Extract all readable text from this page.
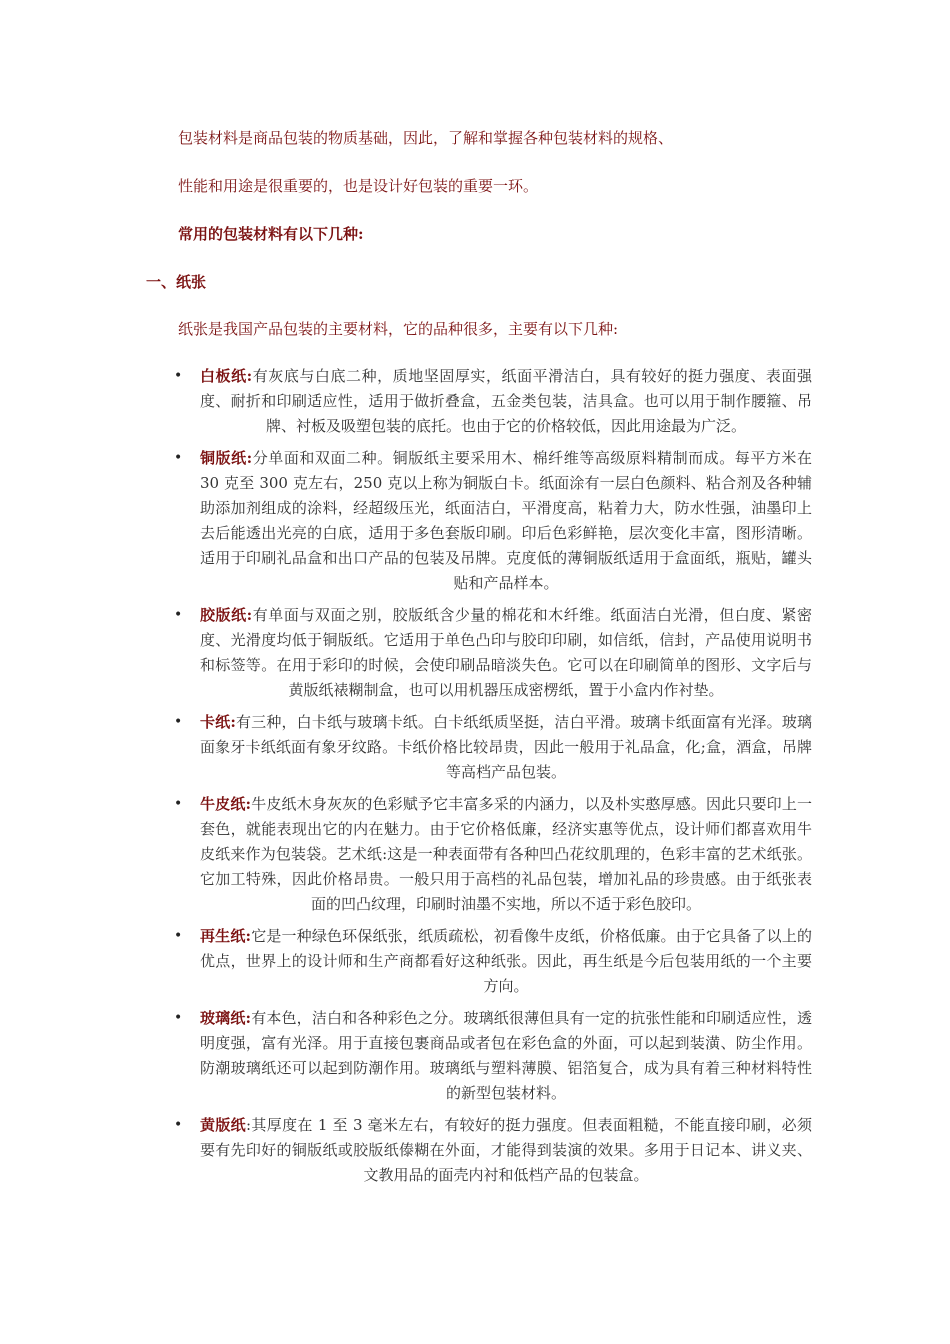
包装材料是商品包装的物质基础，因此，了解和掌握各种包装材料的规格、
性能和用途是很重要的，也是设计好包装的重要一环。
常用的包装材料有以下几种:
一、纸张
纸张是我国产品包装的主要材料，它的品种很多，主要有以下几种:
• 白板纸:有灰底与白底二种，质地坚固厚实，纸面平滑洁白，具有较好的挺力强度、表面强度、耐折和印刷适应性，适用于做折叠盒，五金类包装，洁具盒。也可以用于制作腰箍、吊牌、衬板及吸塑包装的底托。也由于它的价格较低，因此用途最为广泛。
• 铜版纸:分单面和双面二种。铜版纸主要采用木、棉纤维等高级原料精制而成。每平方米在 30 克至 300 克左右，250 克以上称为铜版白卡。纸面涂有一层白色颜料、粘合剂及各种辅助添加剂组成的涂料，经超级压光，纸面洁白，平滑度高，粘着力大，防水性强，油墨印上去后能透出光亮的白底，适用于多色套版印刷。印后色彩鲜艳，层次变化丰富，图形清晰。适用于印刷礼品盒和出口产品的包装及吊牌。克度低的薄铜版纸适用于盒面纸，瓶贴，罐头贴和产品样本。
• 胶版纸:有单面与双面之别，胶版纸含少量的棉花和木纤维。纸面洁白光滑，但白度、紧密度、光滑度均低于铜版纸。它适用于单色凸印与胶印印刷，如信纸，信封，产品使用说明书和标签等。在用于彩印的时候，会使印刷品暗淡失色。它可以在印刷简单的图形、文字后与黄版纸裱糊制盒，也可以用机器压成密楞纸，置于小盒内作衬垫。
• 卡纸:有三种，白卡纸与玻璃卡纸。白卡纸纸质坚挺，洁白平滑。玻璃卡纸面富有光泽。玻璃面象牙卡纸纸面有象牙纹路。卡纸价格比较昂贵，因此一般用于礼品盒，化;盒，酒盒，吊牌等高档产品包装。
• 牛皮纸:牛皮纸木身灰灰的色彩赋予它丰富多采的内涵力，以及朴实憨厚感。因此只要印上一套色，就能表现出它的内在魅力。由于它价格低廉，经济实惠等优点，设计师们都喜欢用牛皮纸来作为包装袋。艺术纸:这是一种表面带有各种凹凸花纹肌理的，色彩丰富的艺术纸张。它加工特殊，因此价格昂贵。一般只用于高档的礼品包装，增加礼品的珍贵感。由于纸张表面的凹凸纹理，印刷时油墨不实地，所以不适于彩色胶印。
• 再生纸:它是一种绿色环保纸张，纸质疏松，初看像牛皮纸，价格低廉。由于它具备了以上的优点，世界上的设计师和生产商都看好这种纸张。因此，再生纸是今后包装用纸的一个主要方向。
• 玻璃纸:有本色，洁白和各种彩色之分。玻璃纸很薄但具有一定的抗张性能和印刷适应性，透明度强，富有光泽。用于直接包裹商品或者包在彩色盒的外面，可以起到装潢、防尘作用。防潮玻璃纸还可以起到防潮作用。玻璃纸与塑料薄膜、铝箔复合，成为具有着三种材料特性的新型包装材料。
• 黄版纸:其厚度在 1 至 3 毫米左右，有较好的挺力强度。但表面粗糙，不能直接印刷，必须要有先印好的铜版纸或胶版纸傣糊在外面，才能得到装演的效果。多用于日记本、讲义夹、文教用品的面壳内衬和低档产品的包装盒。
